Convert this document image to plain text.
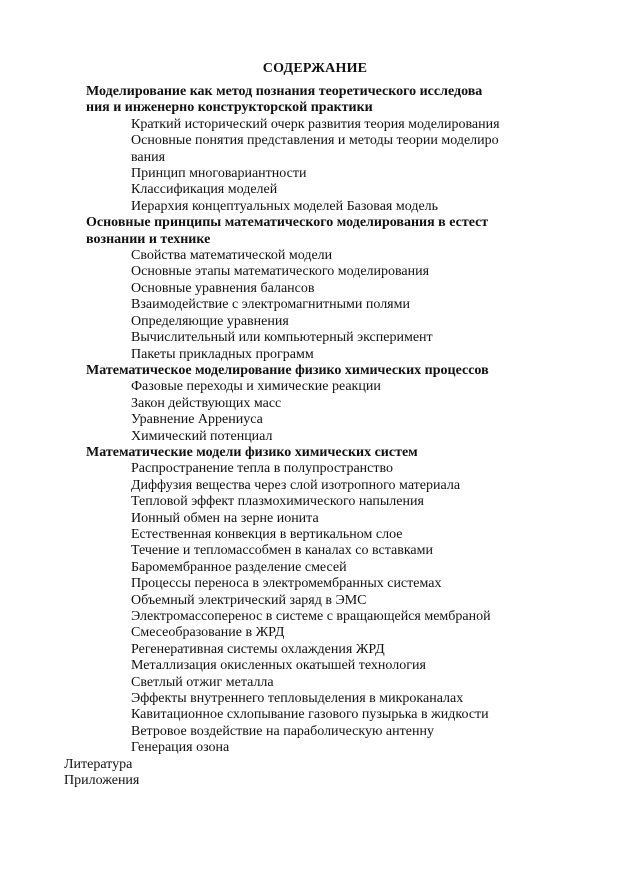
СОДЕРЖАНИЕ
Моделирование как метод познания теоретического исследова
ния и инженерно конструкторской практики
Краткий исторический очерк развития теория моделирования
Основные понятия представления и методы теории моделиро
вания
Принцип многовариантности
Классификация моделей
Иерархия концептуальных моделей Базовая модель
Основные принципы математического моделирования в естест
вознании и технике
Свойства математической модели
Основные этапы математического моделирования
Основные уравнения балансов
Взаимодействие с электромагнитными полями
Определяющие уравнения
Вычислительный или компьютерный эксперимент
Пакеты прикладных программ
Математическое моделирование физико химических процессов
Фазовые переходы и химические реакции
Закон действующих масс
Уравнение Аррениуса
Химический потенциал
Математические модели физико химических систем
Распространение тепла в полупространство
Диффузия вещества через слой изотропного материала
Тепловой эффект плазмохимического напыления
Ионный обмен на зерне ионита
Естественная конвекция в вертикальном слое
Течение и тепломассобмен в каналах со вставками
Баромембранное разделение смесей
Процессы переноса в электромембранных системах
Объемный электрический заряд в ЭМС
Электромассоперенос в системе с вращающейся мембраной
Смесеобразование в ЖРД
Регенеративная системы охлаждения ЖРД
Металлизация окисленных окатышей технология
Светлый отжиг металла
Эффекты внутреннего тепловыделения в микроканалах
Кавитационное схлопывание газового пузырька в жидкости
Ветровое воздействие на параболическую антенну
Генерация озона
Литература
Приложения
